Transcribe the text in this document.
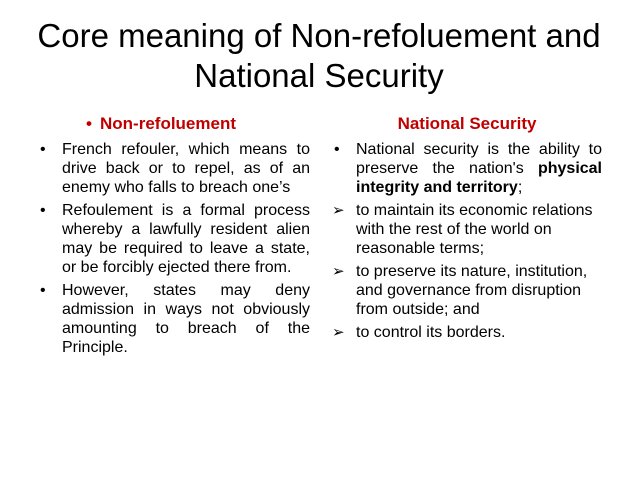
Core meaning of Non-refoluement and
National Security
• Non-refoluement
• French refouler, which means to drive back or to repel, as of an enemy who falls to breach one’s
• Refoulement is a formal process whereby a lawfully resident alien may be required to leave a state, or be forcibly ejected there from.
• However, states may deny admission in ways not obviously amounting to breach of the Principle.
National Security
• National security is the ability to preserve the nation's physical integrity and territory;
➢ to maintain its economic relations with the rest of the world on reasonable terms;
➢ to preserve its nature, institution, and governance from disruption from outside; and
➢ to control its borders.
